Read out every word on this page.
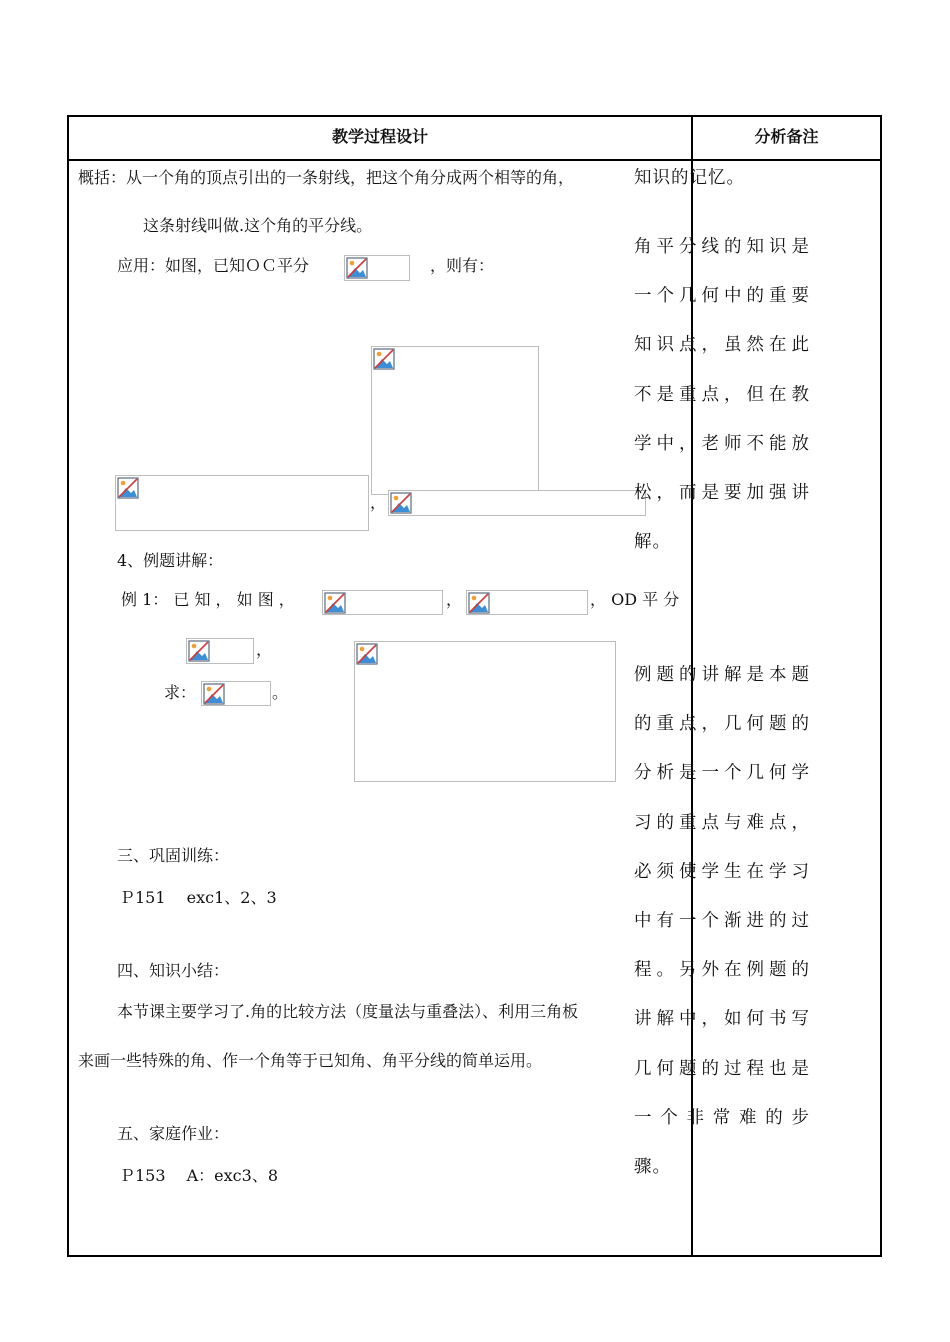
教学过程设计	分析备注
概括：从一个角的顶点引出的一条射线，把这个角分成两个相等的角，
这条射线叫做.这个角的平分线。
应用：如图，已知ＯＣ平分	，则有：
，
4、例题讲解：
例 1： 已 知 ， 如 图 ，	，	， OD 平 分
，
求：	。
三、巩固训练：
Ｐ151　 exc1、2、3
四、知识小结：
本节课主要学习了.角的比较方法（度量法与重叠法）、利用三角板
来画一些特殊的角、作一个角等于已知角、角平分线的简单运用。
五、家庭作业：
Ｐ153　 A：exc3、8
知识的记忆。
角平分线的知识是
一个几何中的重要
知识点，虽然在此
不是重点，但在教
学中，老师不能放
松，而是要加强讲
解。
例题的讲解是本题
的重点，几何题的
分析是一个几何学
习的重点与难点，
必须使学生在学习
中有一个渐进的过
程。另外在例题的
讲解中，如何书写
几何题的过程也是
一 个 非 常 难 的 步
骤。
